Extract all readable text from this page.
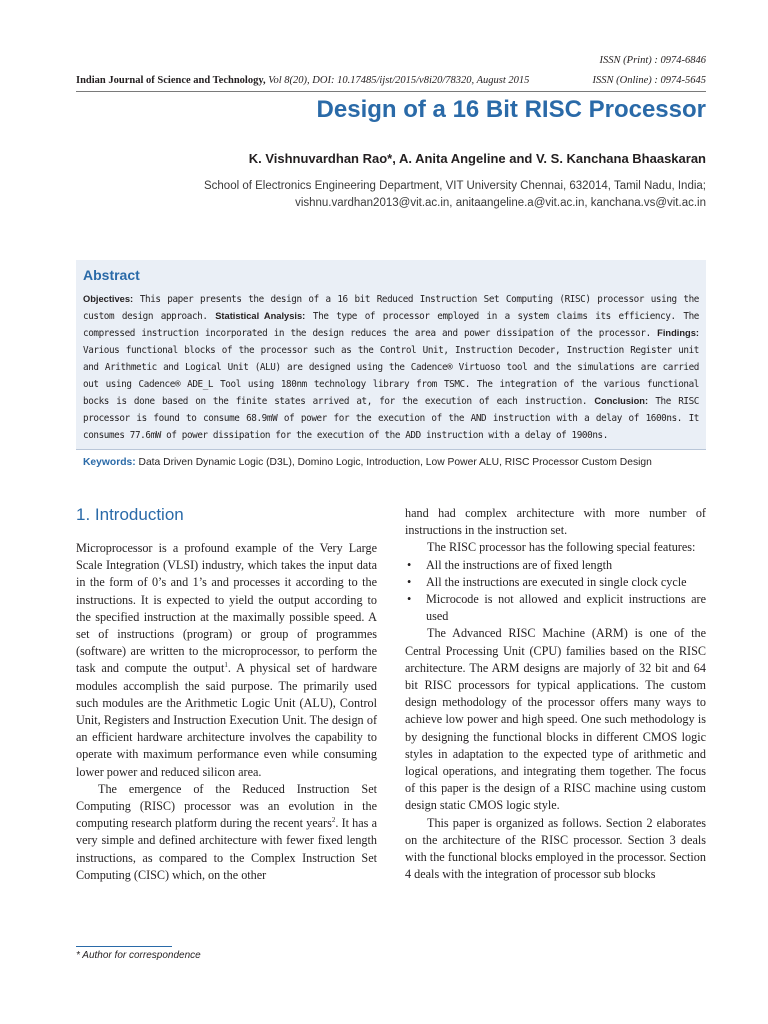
ISSN (Print) : 0974-6846
ISSN (Online) : 0974-5645
Indian Journal of Science and Technology, Vol 8(20), DOI: 10.17485/ijst/2015/v8i20/78320, August 2015
Design of a 16 Bit RISC Processor
K. Vishnuvardhan Rao*, A. Anita Angeline and V. S. Kanchana Bhaaskaran
School of Electronics Engineering Department, VIT University Chennai, 632014, Tamil Nadu, India;
vishnu.vardhan2013@vit.ac.in, anitaangeline.a@vit.ac.in, kanchana.vs@vit.ac.in
Abstract
Objectives: This paper presents the design of a 16 bit Reduced Instruction Set Computing (RISC) processor using the custom design approach. Statistical Analysis: The type of processor employed in a system claims its efficiency. The compressed instruction incorporated in the design reduces the area and power dissipation of the processor. Findings: Various functional blocks of the processor such as the Control Unit, Instruction Decoder, Instruction Register unit and Arithmetic and Logical Unit (ALU) are designed using the Cadence® Virtuoso tool and the simulations are carried out using Cadence® ADE_L Tool using 180nm technology library from TSMC. The integration of the various functional bocks is done based on the finite states arrived at, for the execution of each instruction. Conclusion: The RISC processor is found to consume 68.9mW of power for the execution of the AND instruction with a delay of 1600ns. It consumes 77.6mW of power dissipation for the execution of the ADD instruction with a delay of 1900ns.
Keywords: Data Driven Dynamic Logic (D3L), Domino Logic, Introduction, Low Power ALU, RISC Processor Custom Design
1. Introduction

Microprocessor is a profound example of the Very Large Scale Integration (VLSI) industry, which takes the input data in the form of 0’s and 1’s and processes it according to the instructions. It is expected to yield the output according to the specified instruction at the maximally possible speed. A set of instructions (program) or group of programmes (software) are written to the microprocessor, to perform the task and compute the output$^1$. A physical set of hardware modules accomplish the said purpose. The primarily used such modules are the Arithmetic Logic Unit (ALU), Control Unit, Registers and Instruction Execution Unit. The design of an efficient hardware architecture involves the capability to operate with maximum performance even while consuming lower power and reduced silicon area.

The emergence of the Reduced Instruction Set Computing (RISC) processor was an evolution in the computing research platform during the recent years$^2$. It has a very simple and defined architecture with fewer fixed length instructions, as compared to the Complex Instruction Set Computing (CISC) which, on the other

hand had complex architecture with more number of instructions in the instruction set.

The RISC processor has the following special features:

• All the instructions are of fixed length
• All the instructions are executed in single clock cycle
• Microcode is not allowed and explicit instructions are used

The Advanced RISC Machine (ARM) is one of the Central Processing Unit (CPU) families based on the RISC architecture. The ARM designs are majorly of 32 bit and 64 bit RISC processors for typical applications. The custom design methodology of the processor offers many ways to achieve low power and high speed. One such methodology is by designing the functional blocks in different CMOS logic styles in adaptation to the expected type of arithmetic and logical operations, and integrating them together. The focus of this paper is the design of a RISC machine using custom design static CMOS logic style.

This paper is organized as follows. Section 2 elaborates on the architecture of the RISC processor. Section 3 deals with the functional blocks employed in the processor. Section 4 deals with the integration of processor sub blocks

* Author for correspondence
